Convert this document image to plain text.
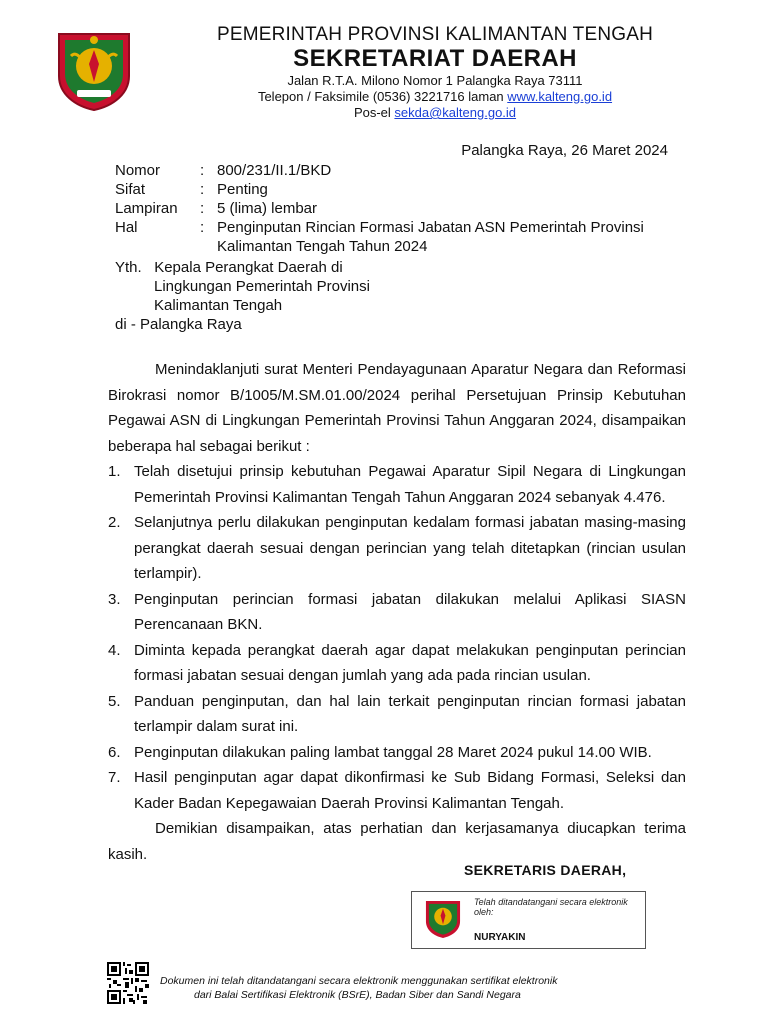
PEMERINTAH PROVINSI KALIMANTAN TENGAH
SEKRETARIAT DAERAH
Jalan R.T.A. Milono Nomor 1 Palangka Raya 73111
Telepon / Faksimile (0536) 3221716 laman www.kalteng.go.id
Pos-el sekda@kalteng.go.id
Palangka Raya, 26 Maret 2024
Nomor	: 800/231/II.1/BKD
Sifat	: Penting
Lampiran	: 5 (lima) lembar
Hal	: Penginputan Rincian Formasi Jabatan ASN Pemerintah Provinsi
Kalimantan Tengah Tahun 2024
Yth. Kepala Perangkat Daerah di
Lingkungan Pemerintah Provinsi
Kalimantan Tengah
di - Palangka Raya

Menindaklanjuti surat Menteri Pendayagunaan Aparatur Negara dan Reformasi Birokrasi nomor B/1005/M.SM.01.00/2024 perihal Persetujuan Prinsip Kebutuhan Pegawai ASN di Lingkungan Pemerintah Provinsi Tahun Anggaran 2024, disampaikan beberapa hal sebagai berikut :

1. Telah disetujui prinsip kebutuhan Pegawai Aparatur Sipil Negara di Lingkungan Pemerintah Provinsi Kalimantan Tengah Tahun Anggaran 2024 sebanyak 4.476.
2. Selanjutnya perlu dilakukan penginputan kedalam formasi jabatan masing-masing perangkat daerah sesuai dengan perincian yang telah ditetapkan (rincian usulan terlampir).
3. Penginputan perincian formasi jabatan dilakukan melalui Aplikasi SIASN Perencanaan BKN.
4. Diminta kepada perangkat daerah agar dapat melakukan penginputan perincian formasi jabatan sesuai dengan jumlah yang ada pada rincian usulan.
5. Panduan penginputan, dan hal lain terkait penginputan rincian formasi jabatan terlampir dalam surat ini.
6. Penginputan dilakukan paling lambat tanggal 28 Maret 2024 pukul 14.00 WIB.
7. Hasil penginputan agar dapat dikonfirmasi ke Sub Bidang Formasi, Seleksi dan Kader Badan Kepegawaian Daerah Provinsi Kalimantan Tengah.

Demikian disampaikan, atas perhatian dan kerjasamanya diucapkan terima kasih.

SEKRETARIS DAERAH,
Telah ditandatangani secara elektronik oleh:
NURYAKIN
Dokumen ini telah ditandatangani secara elektronik menggunakan sertifikat elektronik
dari Balai Sertifikasi Elektronik (BSrE), Badan Siber dan Sandi Negara
